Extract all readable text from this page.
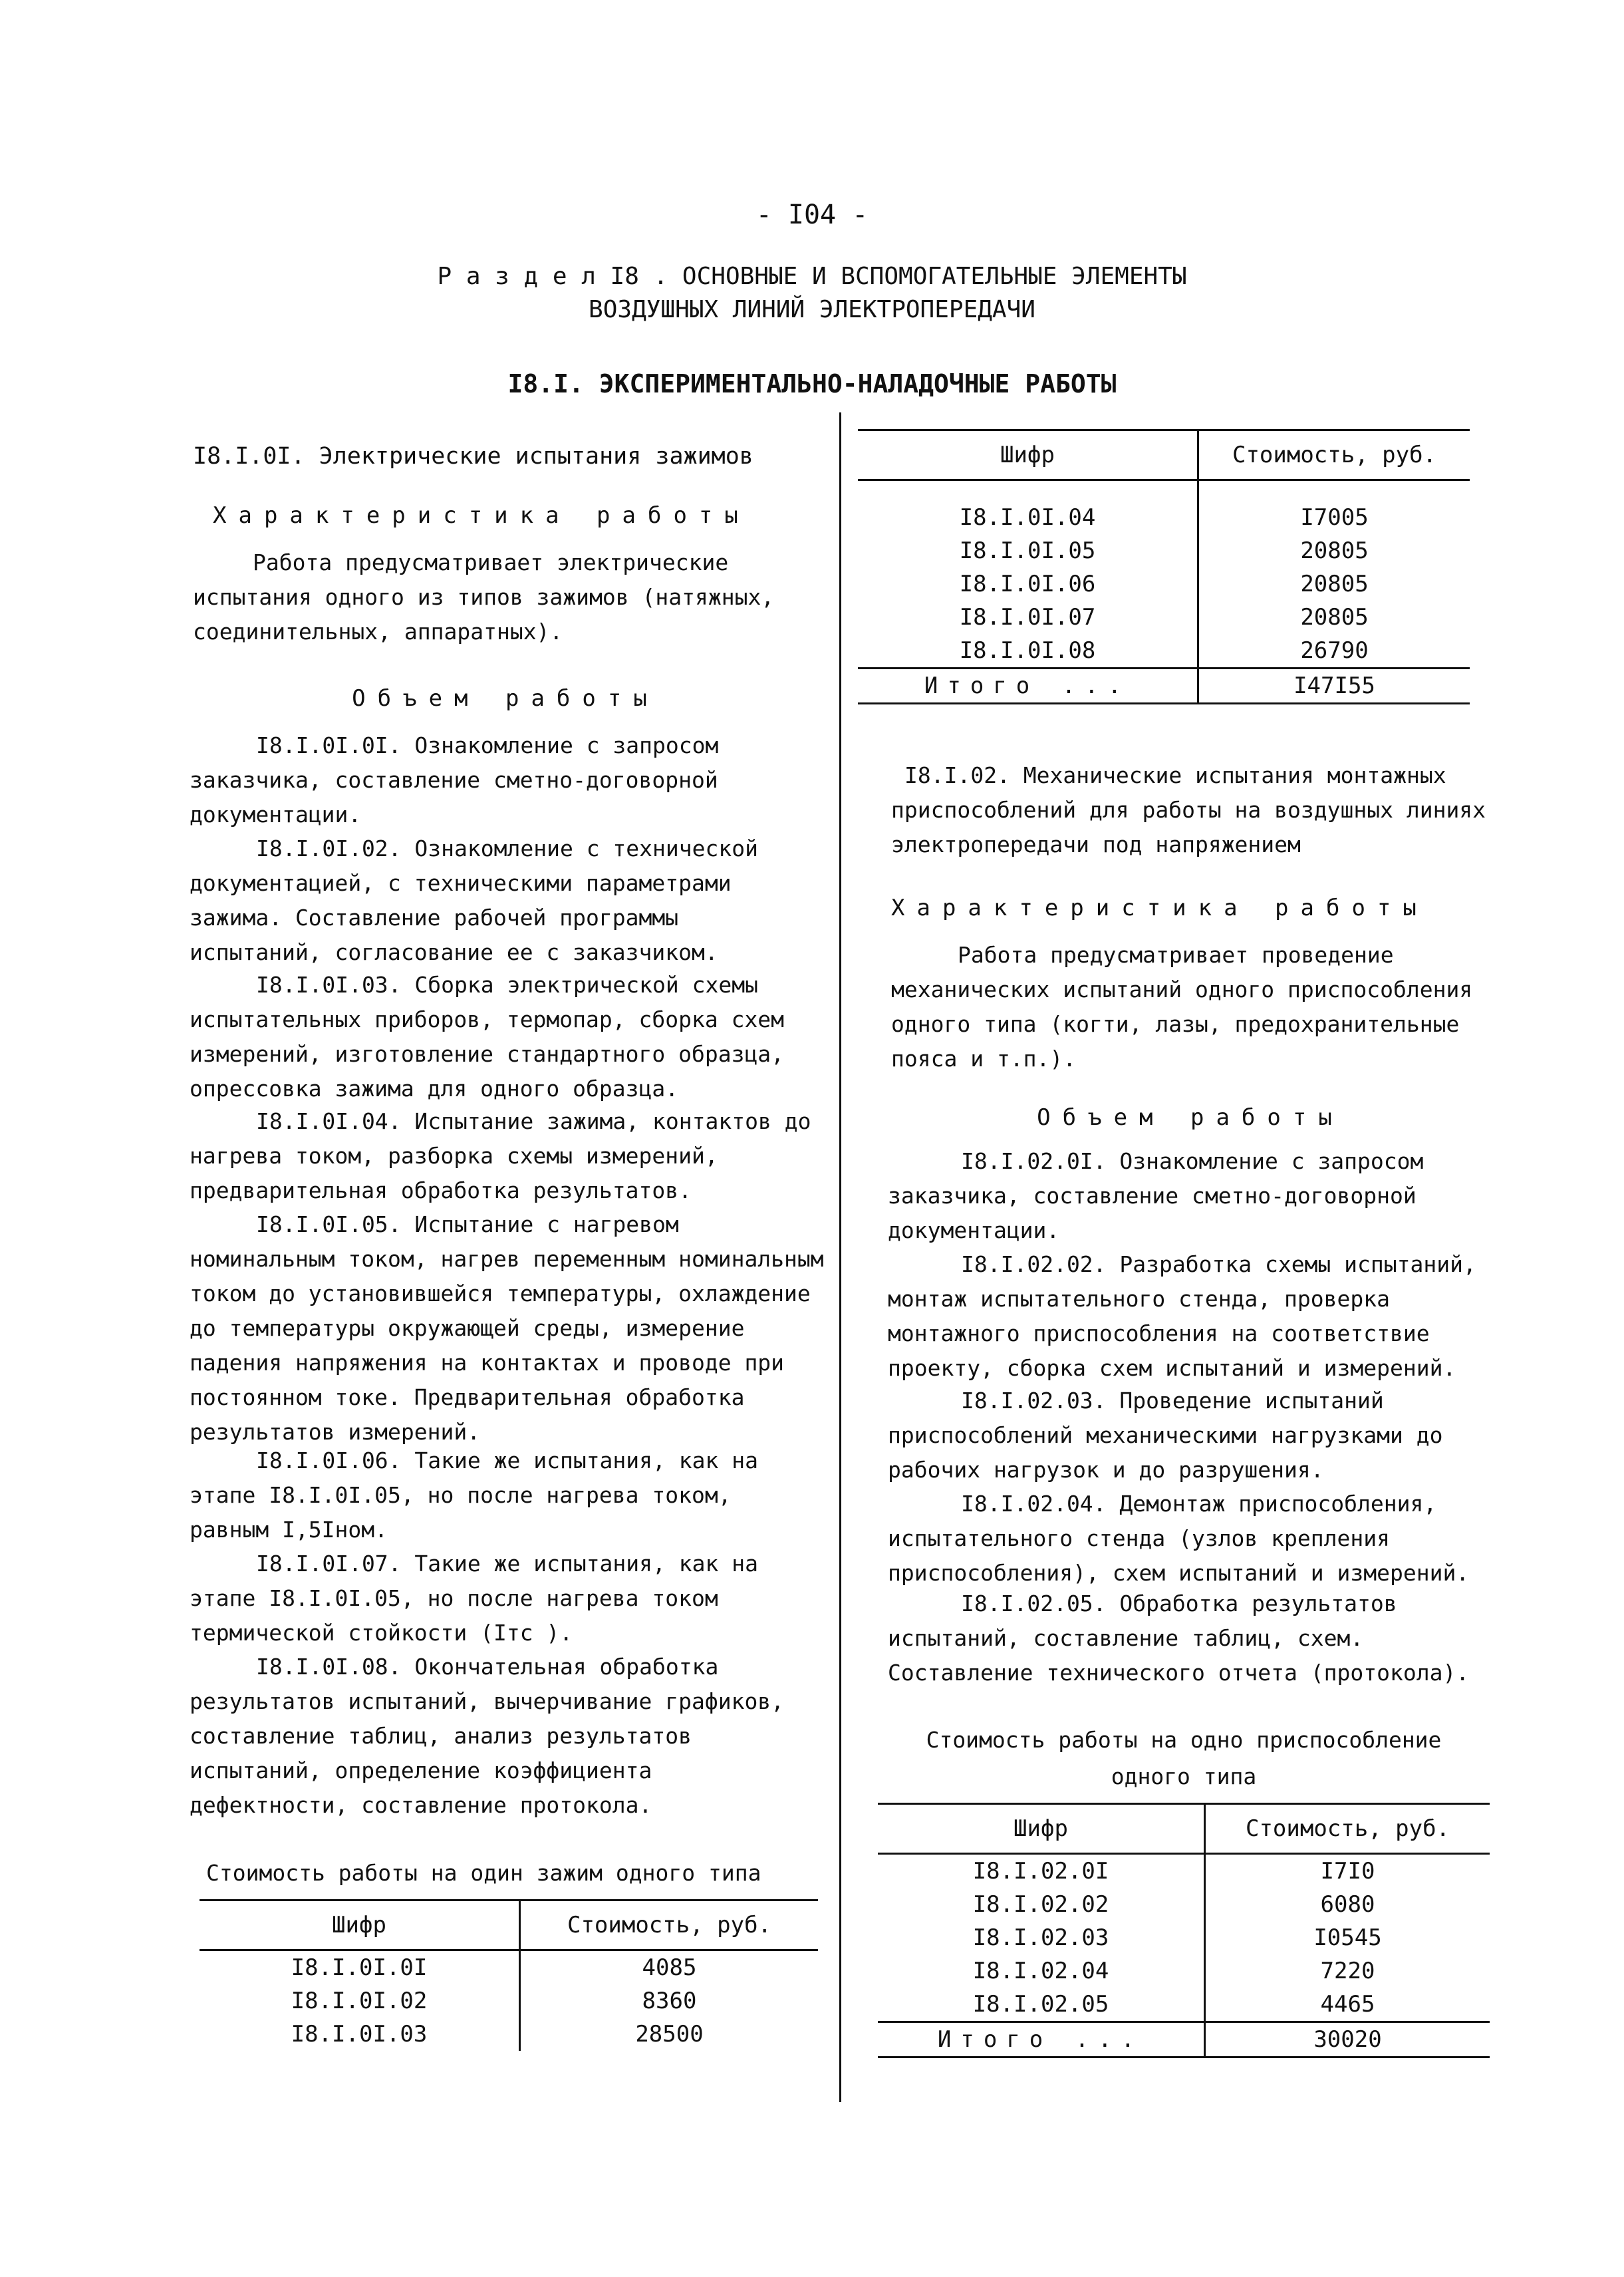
- I04 -
Р а з д е л I8 . ОСНОВНЫЕ И ВСПОМОГАТЕЛЬНЫЕ ЭЛЕМЕНТЫ
ВОЗДУШНЫХ ЛИНИЙ ЭЛЕКТРОПЕРЕДАЧИ
I8.I. ЭКСПЕРИМЕНТАЛЬНО-НАЛАДОЧНЫЕ РАБОТЫ
I8.I.0I. Электрические испытания зажимов
Характеристика работы
Работа предусматривает электрические испытания одного из типов зажимов (натяжных, соединительных, аппаратных).
Объем работы
I8.I.0I.0I. Ознакомление с запросом заказчика, составление сметно-договорной документации.
I8.I.0I.02. Ознакомление с технической документацией, с техническими параметрами зажима. Составление рабочей программы испытаний, согласование ее с заказчиком.
I8.I.0I.03. Сборка электрической схемы испытательных приборов, термопар, сборка схем измерений, изготовление стандартного образца, опрессовка зажима для одного образца.
I8.I.0I.04. Испытание зажима, контактов до нагрева током, разборка схемы измерений, предварительная обработка результатов.
I8.I.0I.05. Испытание с нагревом номинальным током, нагрев переменным номинальным током до установившейся температуры, охлаждение до температуры окружающей среды, измерение падения напряжения на контактах и проводе при постоянном токе. Предварительная обработка результатов измерений.
I8.I.0I.06. Такие же испытания, как на этапе I8.I.0I.05, но после нагрева током, равным I,5Iном.
I8.I.0I.07. Такие же испытания, как на этапе I8.I.0I.05, но после нагрева током термической стойкости (Iтс ).
I8.I.0I.08. Окончательная обработка результатов испытаний, вычерчивание графиков, составление таблиц, анализ результатов испытаний, определение коэффициента дефектности, составление протокола.
Стоимость работы на один зажим одного типа
Шифр	Стоимость, руб.
I8.I.0I.0I	4085
I8.I.0I.02	8360
I8.I.0I.03	28500
Шифр	Стоимость, руб.
I8.I.0I.04	I7005
I8.I.0I.05	20805
I8.I.0I.06	20805
I8.I.0I.07	20805
I8.I.0I.08	26790
Итого ...	I47I55
I8.I.02. Механические испытания монтажных приспособлений для работы на воздушных линиях электропередачи под напряжением
Характеристика работы
Работа предусматривает проведение механических испытаний одного приспособления одного типа (когти, лазы, предохранительные пояса и т.п.).
Объем работы
I8.I.02.0I. Ознакомление с запросом заказчика, составление сметно-договорной документации.
I8.I.02.02. Разработка схемы испытаний, монтаж испытательного стенда, проверка монтажного приспособления на соответствие проекту, сборка схем испытаний и измерений.
I8.I.02.03. Проведение испытаний приспособлений механическими нагрузками до рабочих нагрузок и до разрушения.
I8.I.02.04. Демонтаж приспособления, испытательного стенда (узлов крепления приспособления), схем испытаний и измерений.
I8.I.02.05. Обработка результатов испытаний, составление таблиц, схем. Составление технического отчета (протокола).
Стоимость работы на одно приспособление
одного типа
Шифр	Стоимость, руб.
I8.I.02.0I	I7I0
I8.I.02.02	6080
I8.I.02.03	I0545
I8.I.02.04	7220
I8.I.02.05	4465
Итого ...	30020
